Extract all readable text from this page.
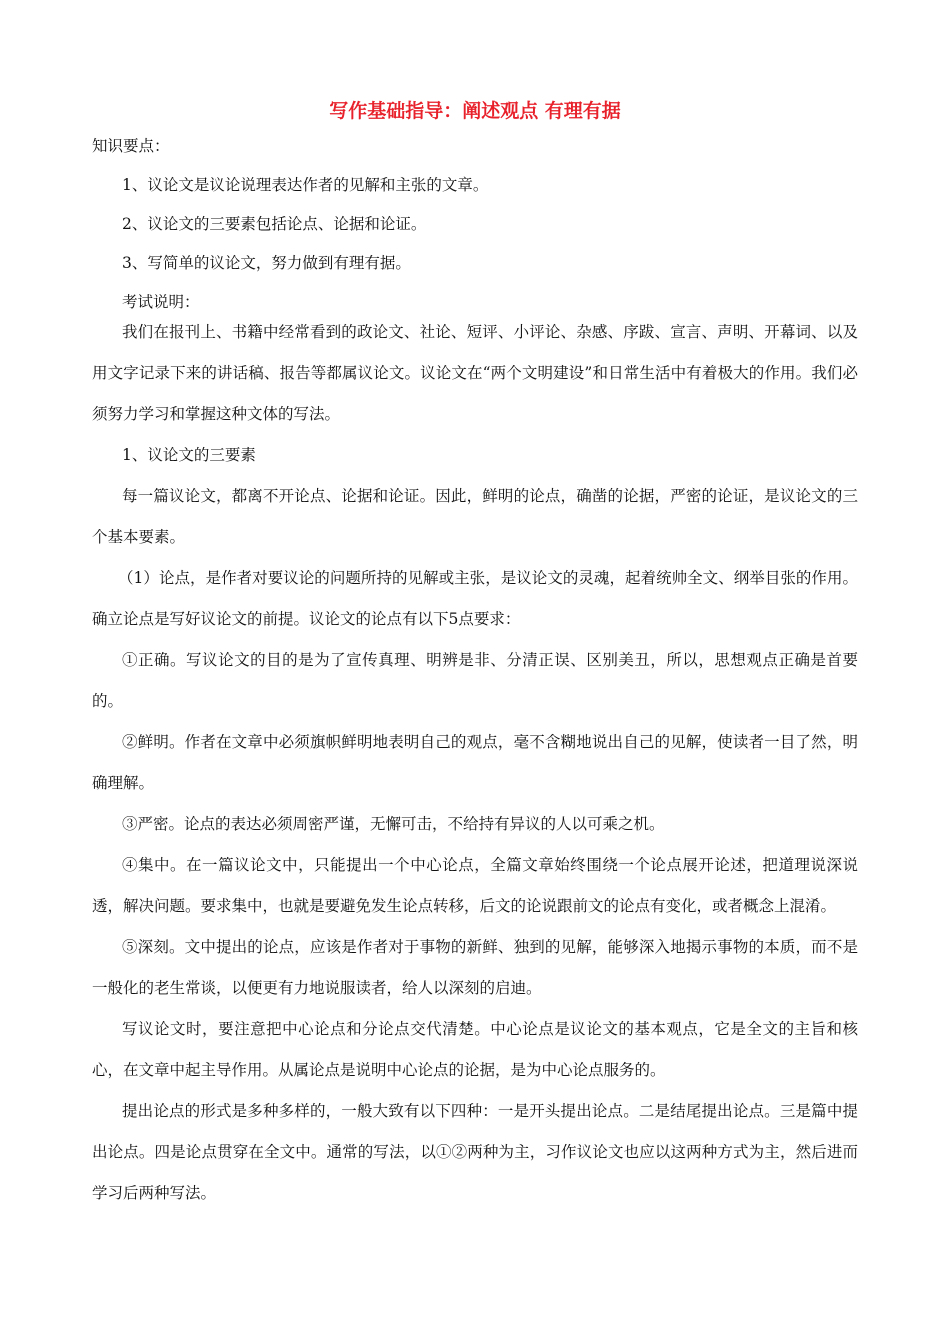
写作基础指导：阐述观点 有理有据

知识要点：

1、议论文是议论说理表达作者的见解和主张的文章。

2、议论文的三要素包括论点、论据和论证。

3、写简单的议论文，努力做到有理有据。

考试说明：

我们在报刊上、书籍中经常看到的政论文、社论、短评、小评论、杂感、序跋、宣言、声明、开幕词、以及用文字记录下来的讲话稿、报告等都属议论文。议论文在“两个文明建设”和日常生活中有着极大的作用。我们必须努力学习和掌握这种文体的写法。

1、议论文的三要素

每一篇议论文，都离不开论点、论据和论证。因此，鲜明的论点，确凿的论据，严密的论证，是议论文的三个基本要素。

（1）论点，是作者对要议论的问题所持的见解或主张，是议论文的灵魂，起着统帅全文、纲举目张的作用。确立论点是写好议论文的前提。议论文的论点有以下5点要求：

①正确。写议论文的目的是为了宣传真理、明辨是非、分清正误、区别美丑，所以，思想观点正确是首要的。

②鲜明。作者在文章中必须旗帜鲜明地表明自己的观点，毫不含糊地说出自己的见解，使读者一目了然，明确理解。

③严密。论点的表达必须周密严谨，无懈可击，不给持有异议的人以可乘之机。

④集中。在一篇议论文中，只能提出一个中心论点，全篇文章始终围绕一个论点展开论述，把道理说深说透，解决问题。要求集中，也就是要避免发生论点转移，后文的论说跟前文的论点有变化，或者概念上混淆。

⑤深刻。文中提出的论点，应该是作者对于事物的新鲜、独到的见解，能够深入地揭示事物的本质，而不是一般化的老生常谈，以便更有力地说服读者，给人以深刻的启迪。

写议论文时，要注意把中心论点和分论点交代清楚。中心论点是议论文的基本观点，它是全文的主旨和核心，在文章中起主导作用。从属论点是说明中心论点的论据，是为中心论点服务的。

提出论点的形式是多种多样的，一般大致有以下四种：一是开头提出论点。二是结尾提出论点。三是篇中提出论点。四是论点贯穿在全文中。通常的写法，以①②两种为主，习作议论文也应以这两种方式为主，然后进而学习后两种写法。
